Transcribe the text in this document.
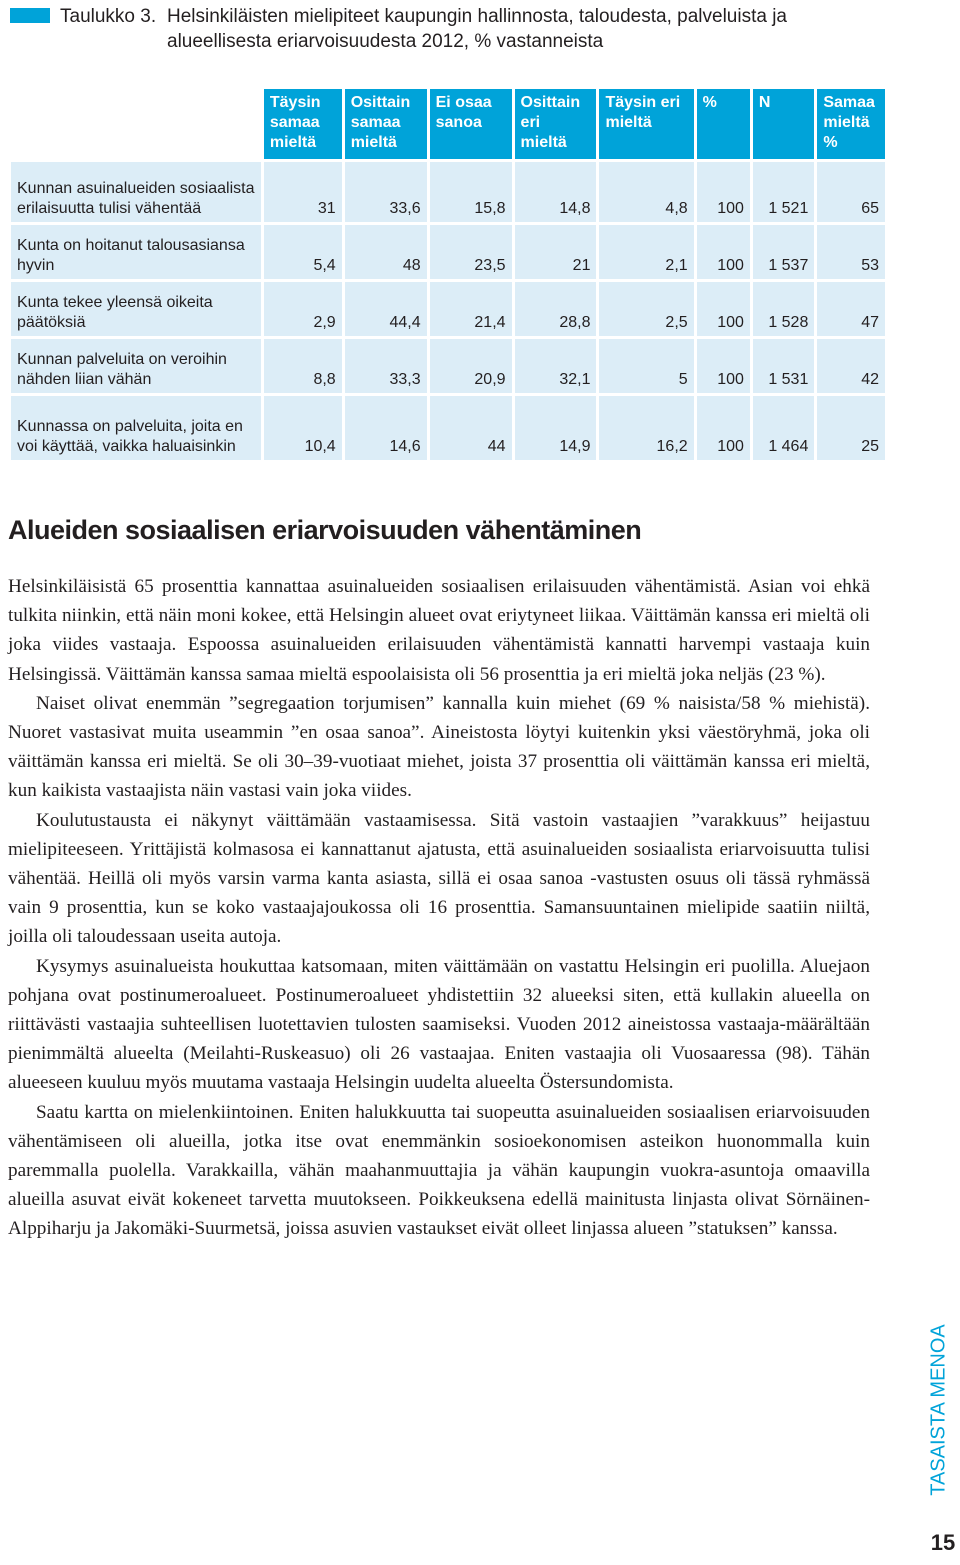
Taulukko 3. Helsinkiläisten mielipiteet kaupungin hallinnosta, taloudesta, palveluista ja alueellisesta eriarvoisuudesta 2012, % vastanneista
	Täysin samaa mieltä	Osittain samaa mieltä	Ei osaa sanoa	Osittain eri mieltä	Täysin eri mieltä	%	N	Samaa mieltä %
Kunnan asuinalueiden sosiaalista erilaisuutta tulisi vähentää	31	33,6	15,8	14,8	4,8	100	1 521	65
Kunta on hoitanut talousasiansa hyvin	5,4	48	23,5	21	2,1	100	1 537	53
Kunta tekee yleensä oikeita päätöksiä	2,9	44,4	21,4	28,8	2,5	100	1 528	47
Kunnan palveluita on veroihin nähden liian vähän	8,8	33,3	20,9	32,1	5	100	1 531	42
Kunnassa on palveluita, joita en voi käyttää, vaikka haluaisinkin	10,4	14,6	44	14,9	16,2	100	1 464	25
Alueiden sosiaalisen eriarvoisuuden vähentäminen

Helsinkiläisistä 65 prosenttia kannattaa asuinalueiden sosiaalisen erilaisuuden vähentämistä. Asian voi ehkä tulkita niinkin, että näin moni kokee, että Helsingin alueet ovat eriytyneet liikaa. Väittämän kanssa eri mieltä oli joka viides vastaaja. Espoossa asuinalueiden erilaisuuden vähentämistä kannatti harvempi vastaaja kuin Helsingissä. Väittämän kanssa samaa mieltä espoolaisista oli 56 prosenttia ja eri mieltä joka neljäs (23 %).

Naiset olivat enemmän ”segregaation torjumisen” kannalla kuin miehet (69 % naisista/58 % miehistä). Nuoret vastasivat muita useammin ”en osaa sanoa”. Aineistosta löytyi kuitenkin yksi väestöryhmä, joka oli väittämän kanssa eri mieltä. Se oli 30–39-vuotiaat miehet, joista 37 prosenttia oli väittämän kanssa eri mieltä, kun kaikista vastaajista näin vastasi vain joka viides.

Koulutustausta ei näkynyt väittämään vastaamisessa. Sitä vastoin vastaajien ”varakkuus” heijastuu mielipiteeseen. Yrittäjistä kolmasosa ei kannattanut ajatusta, että asuinalueiden sosiaalista eriarvoisuutta tulisi vähentää. Heillä oli myös varsin varma kanta asiasta, sillä ei osaa sanoa -vastusten osuus oli tässä ryhmässä vain 9 prosenttia, kun se koko vastaajajoukossa oli 16 prosenttia. Samansuuntainen mielipide saatiin niiltä, joilla oli taloudessaan useita autoja.

Kysymys asuinalueista houkuttaa katsomaan, miten väittämään on vastattu Helsingin eri puolilla. Aluejaon pohjana ovat postinumeroalueet. Postinumeroalueet yhdistettiin 32 alueeksi siten, että kullakin alueella on riittävästi vastaajia suhteellisen luotettavien tulosten saamiseksi. Vuoden 2012 aineistossa vastaaja-määrältään pienimmältä alueelta (Meilahti-Ruskeasuo) oli 26 vastaajaa. Eniten vastaajia oli Vuosaaressa (98). Tähän alueeseen kuuluu myös muutama vastaaja Helsingin uudelta alueelta Östersundomista.

Saatu kartta on mielenkiintoinen. Eniten halukkuutta tai suopeutta asuinalueiden sosiaalisen eriarvoisuuden vähentämiseen oli alueilla, jotka itse ovat enemmänkin sosioekonomisen asteikon huonommalla kuin paremmalla puolella. Varakkailla, vähän maahanmuuttajia ja vähän kaupungin vuokra-asuntoja omaavilla alueilla asuvat eivät kokeneet tarvetta muutokseen. Poikkeuksena edellä mainitusta linjasta olivat Sörnäinen-Alppiharju ja Jakomäki-Suurmetsä, joissa asuvien vastaukset eivät olleet linjassa alueen ”statuksen” kanssa.

TASAISTA MENOA
15
